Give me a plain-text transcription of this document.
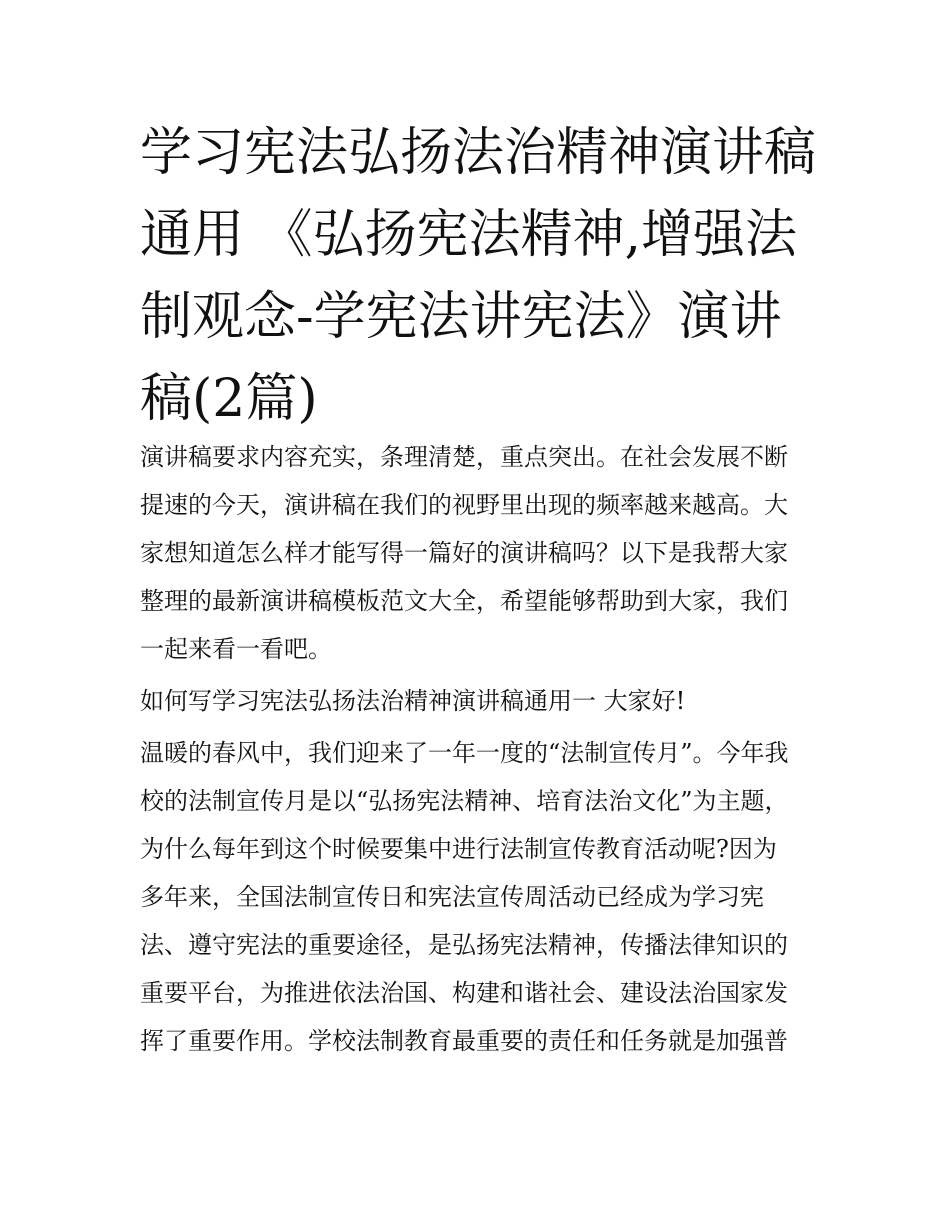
学习宪法弘扬法治精神演讲稿通用 《弘扬宪法精神,增强法制观念-学宪法讲宪法》演讲稿(2篇)

演讲稿要求内容充实，条理清楚，重点突出。在社会发展不断
提速的今天，演讲稿在我们的视野里出现的频率越来越高。大
家想知道怎么样才能写得一篇好的演讲稿吗？以下是我帮大家
整理的最新演讲稿模板范文大全，希望能够帮助到大家，我们
一起来看一看吧。

如何写学习宪法弘扬法治精神演讲稿通用一 大家好!

温暖的春风中，我们迎来了一年一度的“法制宣传月”。今年我
校的法制宣传月是以“弘扬宪法精神、培育法治文化”为主题，
为什么每年到这个时候要集中进行法制宣传教育活动呢?因为
多年来，全国法制宣传日和宪法宣传周活动已经成为学习宪
法、遵守宪法的重要途径，是弘扬宪法精神，传播法律知识的
重要平台，为推进依法治国、构建和谐社会、建设法治国家发
挥了重要作用。学校法制教育最重要的责任和任务就是加强普
